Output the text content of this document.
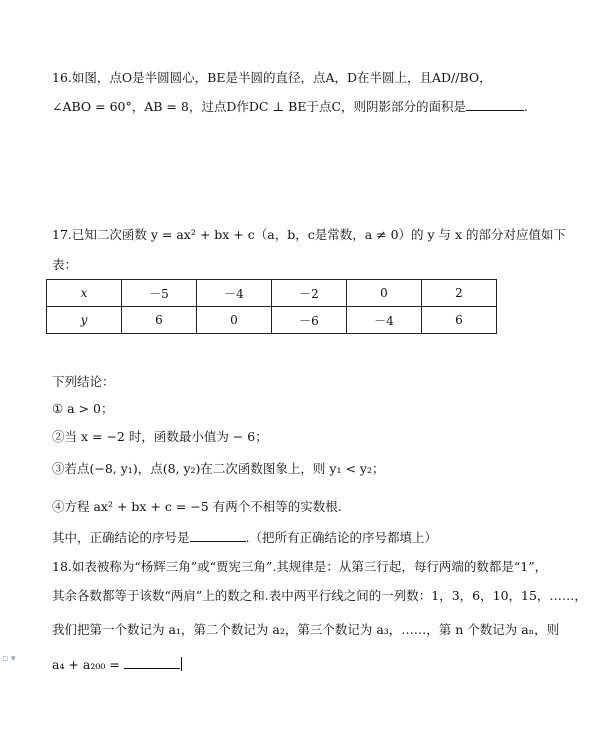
16.如图，点O是半圆圆心，BE是半圆的直径，点A，D在半圆上，且AD//BO，
∠ABO = 60°，AB = 8，过点D作DC ⊥ BE于点C，则阴影部分的面积是	.
17.已知二次函数 y = ax² + bx + c（a，b，c是常数，a ≠ 0）的 y 与 x 的部分对应值如下
表：
x	－5	－4	－2	0	2
y	6	0	－6	－4	6
下列结论：
① a > 0；
②当 x = −2 时，函数最小值为 − 6；
③若点(−8, y₁)，点(8, y₂)在二次函数图象上，则 y₁ < y₂；
④方程 ax² + bx + c = −5 有两个不相等的实数根.
其中，正确结论的序号是	.（把所有正确结论的序号都填上）
18.如表被称为“杨辉三角”或“贾宪三角”.其规律是：从第三行起，每行两端的数都是“1”，
其余各数都等于该数“两肩”上的数之和.表中两平行线之间的一列数：1，3，6，10，15，……，
我们把第一个数记为 a₁，第二个数记为 a₂，第三个数记为 a₃，……，第 n 个数记为 aₙ，则
a₄ + a₂₀₀ =
▫ ▾
